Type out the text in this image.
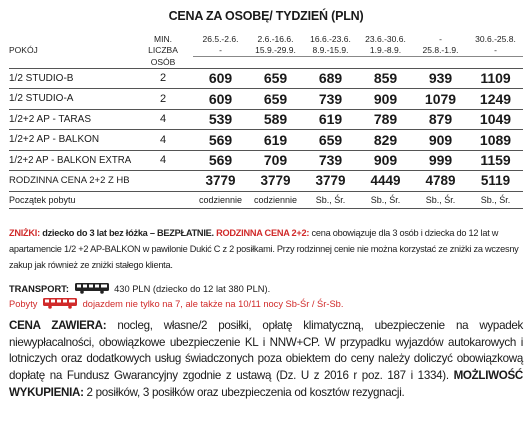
CENA ZA OSOBĘ/ TYDZIEŃ (PLN)
	MIN.	26.5.-2.6.	2.6.-16.6.	16.6.-23.6.	23.6.-30.6.	-	30.6.-25.8.
POKÓJ	LICZBA	-	15.9.-29.9.	8.9.-15.9.	1.9.-8.9.	25.8.-1.9.	-
	OSÓB						
1/2 STUDIO-B	2	609	659	689	859	939	1109
1/2 STUDIO-A	2	609	659	739	909	1079	1249
1/2+2 AP - TARAS	4	539	589	619	789	879	1049
1/2+2 AP - BALKON	4	569	619	659	829	909	1089
1/2+2 AP - BALKON EXTRA	4	569	709	739	909	999	1159
RODZINNA CENA 2+2 Z HB		3779	3779	3779	4449	4789	5119
Początek pobytu		codziennie	codziennie	Sb., Śr.	Sb., Śr.	Sb., Śr.	Sb., Śr.
ZNIŻKI: dziecko do 3 lat bez łóżka – BEZPŁATNIE. RODZINNA CENA 2+2: cena obowiązuje dla 3 osób i dziecka do 12 lat w apartamencie 1/2 +2 AP-BALKON w pawilonie Dukić C z 2 posiłkami. Przy rodzinnej cenie nie można korzystać ze zniżki za wczesny zakup jak również ze zniżki stałego klienta.
TRANSPORT:	430 PLN (dziecko do 12 lat 380 PLN).
Pobyty	dojazdem nie tylko na 7, ale także na 10/11 nocy Sb-Śr / Śr-Sb.
CENA ZAWIERA: nocleg, własne/2 posiłki, opłatę klimatyczną, ubezpieczenie na wypadek niewypłacalności, obowiązkowe ubezpieczenie KL i NNW+CP. W przypadku wyjazdów autokarowych i lotniczych oraz dodatkowych usług świadczonych poza obiektem do ceny należy doliczyć obowiązkową dopłatę na Fundusz Gwarancyjny zgodnie z ustawą (Dz. U z 2016 r poz. 187 i 1334). MOŻLIWOŚĆ WYKUPIENIA: 2 posiłków, 3 posiłków oraz ubezpieczenia od kosztów rezygnacji.
